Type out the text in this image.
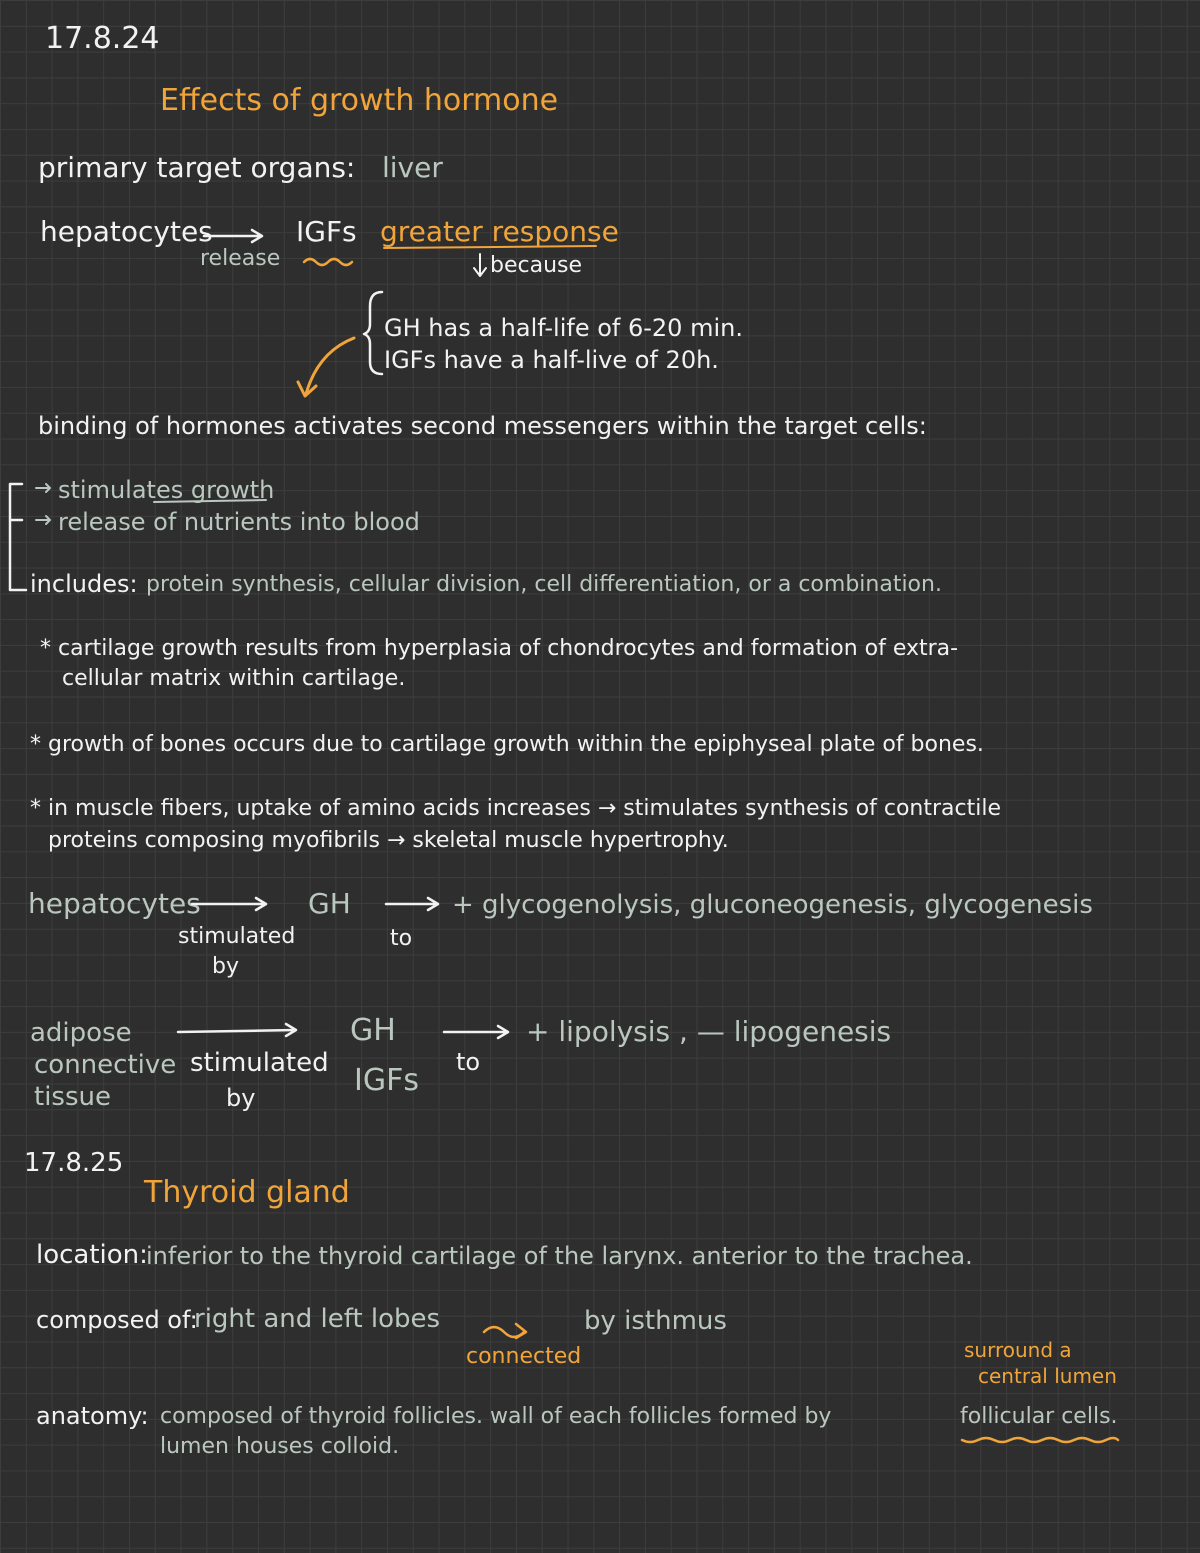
17.8.24
Effects of growth hormone
primary target organs: liver
hepatocytes
release
IGFs greater response
because
GH has a half-life of 6-20 min.
IGFs have a half-live of 20h.
binding of hormones activates second messengers within the target cells:
stimulates growth
release of nutrients into blood
includes: protein synthesis, cellular division, cell differentiation, or a combination.
* cartilage growth results from hyperplasia of chondrocytes and formation of extra-
cellular matrix within cartilage.
* growth of bones occurs due to cartilage growth within the epiphyseal plate of bones.
* in muscle fibers, uptake of amino acids increases → stimulates synthesis of contractile
proteins composing myofibrils → skeletal muscle hypertrophy.
hepatocytes
stimulated
by
GH
to
+ glycogenolysis, gluconeogenesis, glycogenesis
adipose
connective
tissue
stimulated
by
GH
IGFs
to
+ lipolysis , — lipogenesis
17.8.25
Thyroid gland
location:
inferior to the thyroid cartilage of the larynx. anterior to the trachea.
composed of:
right and left lobes
connected
by isthmus
surround a
central lumen
anatomy: composed of thyroid follicles. wall of each follicles formed by	follicular cells.
lumen houses colloid.
